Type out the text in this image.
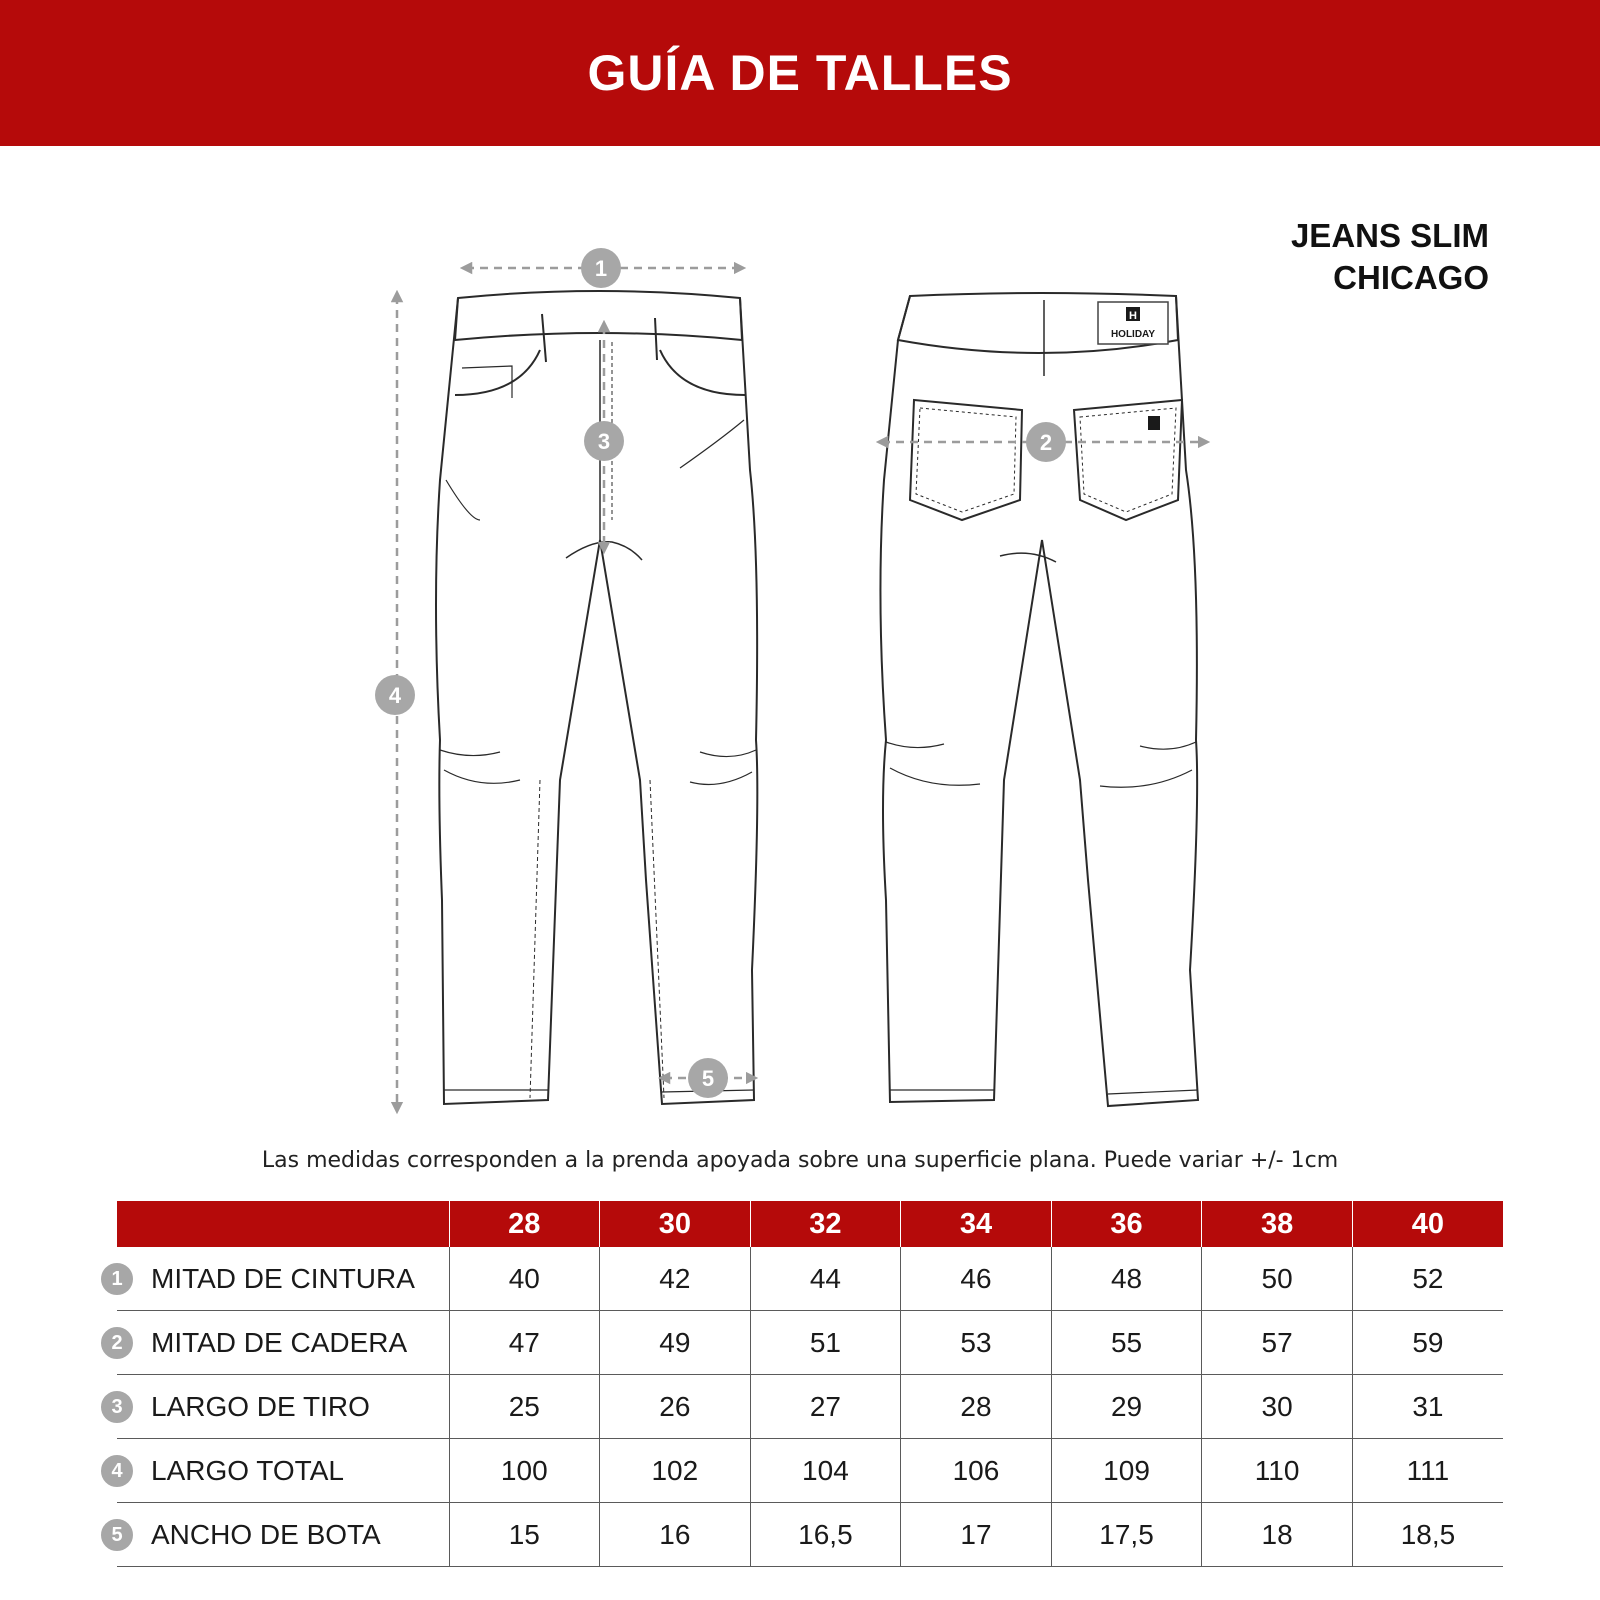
GUÍA DE TALLES
JEANS SLIM
CHICAGO
H
HOLIDAY
1
2
3
4
5
Las medidas corresponden a la prenda apoyada sobre una superficie plana. Puede variar +/- 1cm
	28	30	32	34	36	38	40

1 MITAD DE CINTURA	40	42	44	46	48	50	52

2 MITAD DE CADERA	47	49	51	53	55	57	59

3 LARGO DE TIRO	25	26	27	28	29	30	31

4 LARGO TOTAL	100	102	104	106	109	110	111

5 ANCHO DE BOTA	15	16	16,5	17	17,5	18	18,5
